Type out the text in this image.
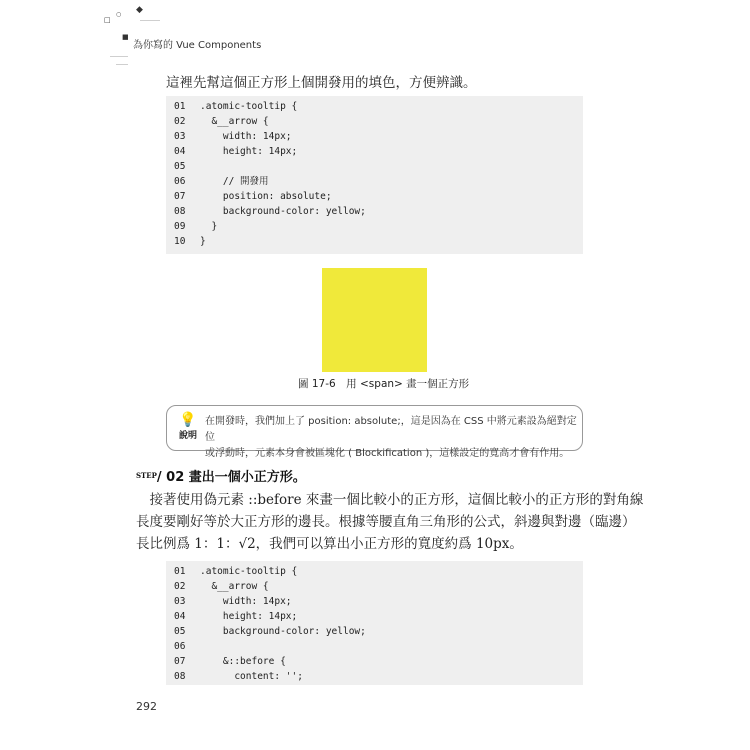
◆
○
□
■
為你寫的 Vue Components
這裡先幫這個正方形上個開發用的填色，方便辨識。
01 .atomic-tooltip {
02 &__arrow {
03 width: 14px;
04 height: 14px;
05
06 // 開發用
07 position: absolute;
08 background-color: yellow;
09 }
10 }
圖 17-6　用 <span> 畫一個正方形
💡
說明
在開發時，我們加上了 position: absolute;，這是因為在 CSS 中將元素設為絕對定位
或浮動時，元素本身會被區塊化 ( Blockification )，這樣設定的寬高才會有作用。
$^{STEP}$/ 02 畫出一個小正方形。

　接著使用偽元素 ::before 來畫一個比較小的正方形，這個比較小的正方形的對角線

長度要剛好等於大正方形的邊長。根據等腰直角三角形的公式，斜邊與對邊（臨邊）

長比例爲 1：1：√2，我們可以算出小正方形的寬度約爲 10px。

01 .atomic-tooltip {
02 &__arrow {
03 width: 14px;
04 height: 14px;
05 background-color: yellow;
06
07 &::before {
08 content: '';
292
